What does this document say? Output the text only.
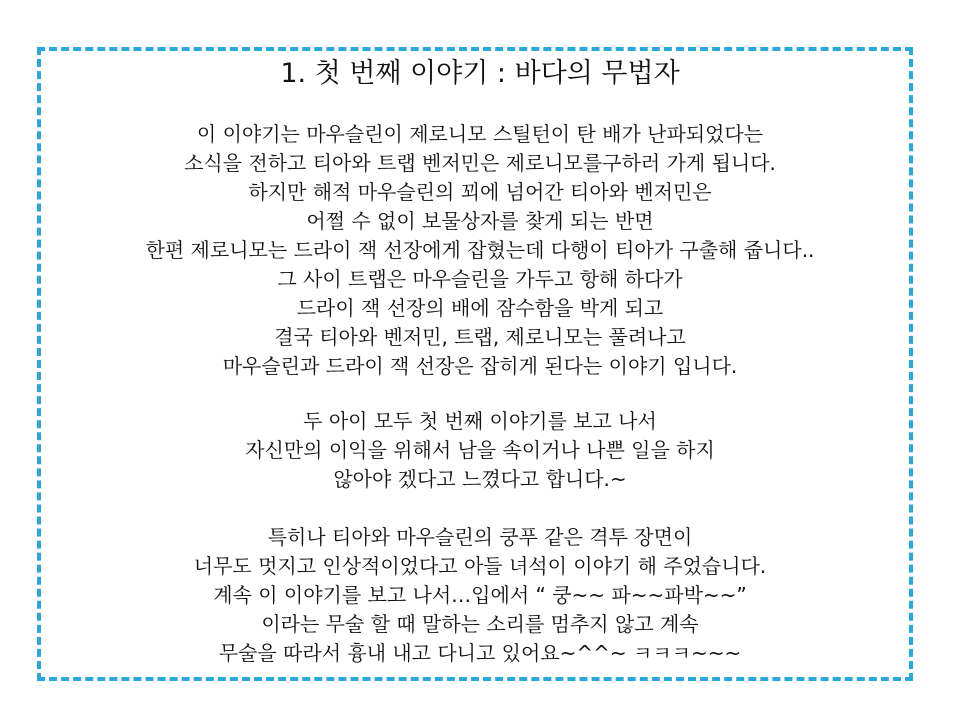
1. 첫 번째 이야기 : 바다의 무법자
이 이야기는 마우슬린이 제로니모 스틸턴이 탄 배가 난파되었다는
소식을 전하고 티아와 트랩 벤저민은 제로니모를구하러 가게 됩니다.
하지만 해적 마우슬린의 꾀에 넘어간 티아와 벤저민은
어쩔 수 없이 보물상자를 찾게 되는 반면
한편 제로니모는 드라이 잭 선장에게 잡혔는데 다행이 티아가 구출해 줍니다..
그 사이 트랩은 마우슬린을 가두고 항해 하다가
드라이 잭 선장의 배에 잠수함을 박게 되고
결국 티아와 벤저민, 트랩, 제로니모는 풀려나고
마우슬린과 드라이 잭 선장은 잡히게 된다는 이야기 입니다.
두 아이 모두 첫 번째 이야기를 보고 나서
자신만의 이익을 위해서 남을 속이거나 나쁜 일을 하지
않아야 겠다고 느꼈다고 합니다.~
특히나 티아와 마우슬린의 쿵푸 같은 격투 장면이
너무도 멋지고 인상적이었다고 아들 녀석이 이야기 해 주었습니다.
계속 이 이야기를 보고 나서…입에서 “ 쿵~~ 파~~파박~~”
이라는 무술 할 때 말하는 소리를 멈추지 않고 계속
무술을 따라서 흉내 내고 다니고 있어요~^^~ ㅋㅋㅋ~~~
